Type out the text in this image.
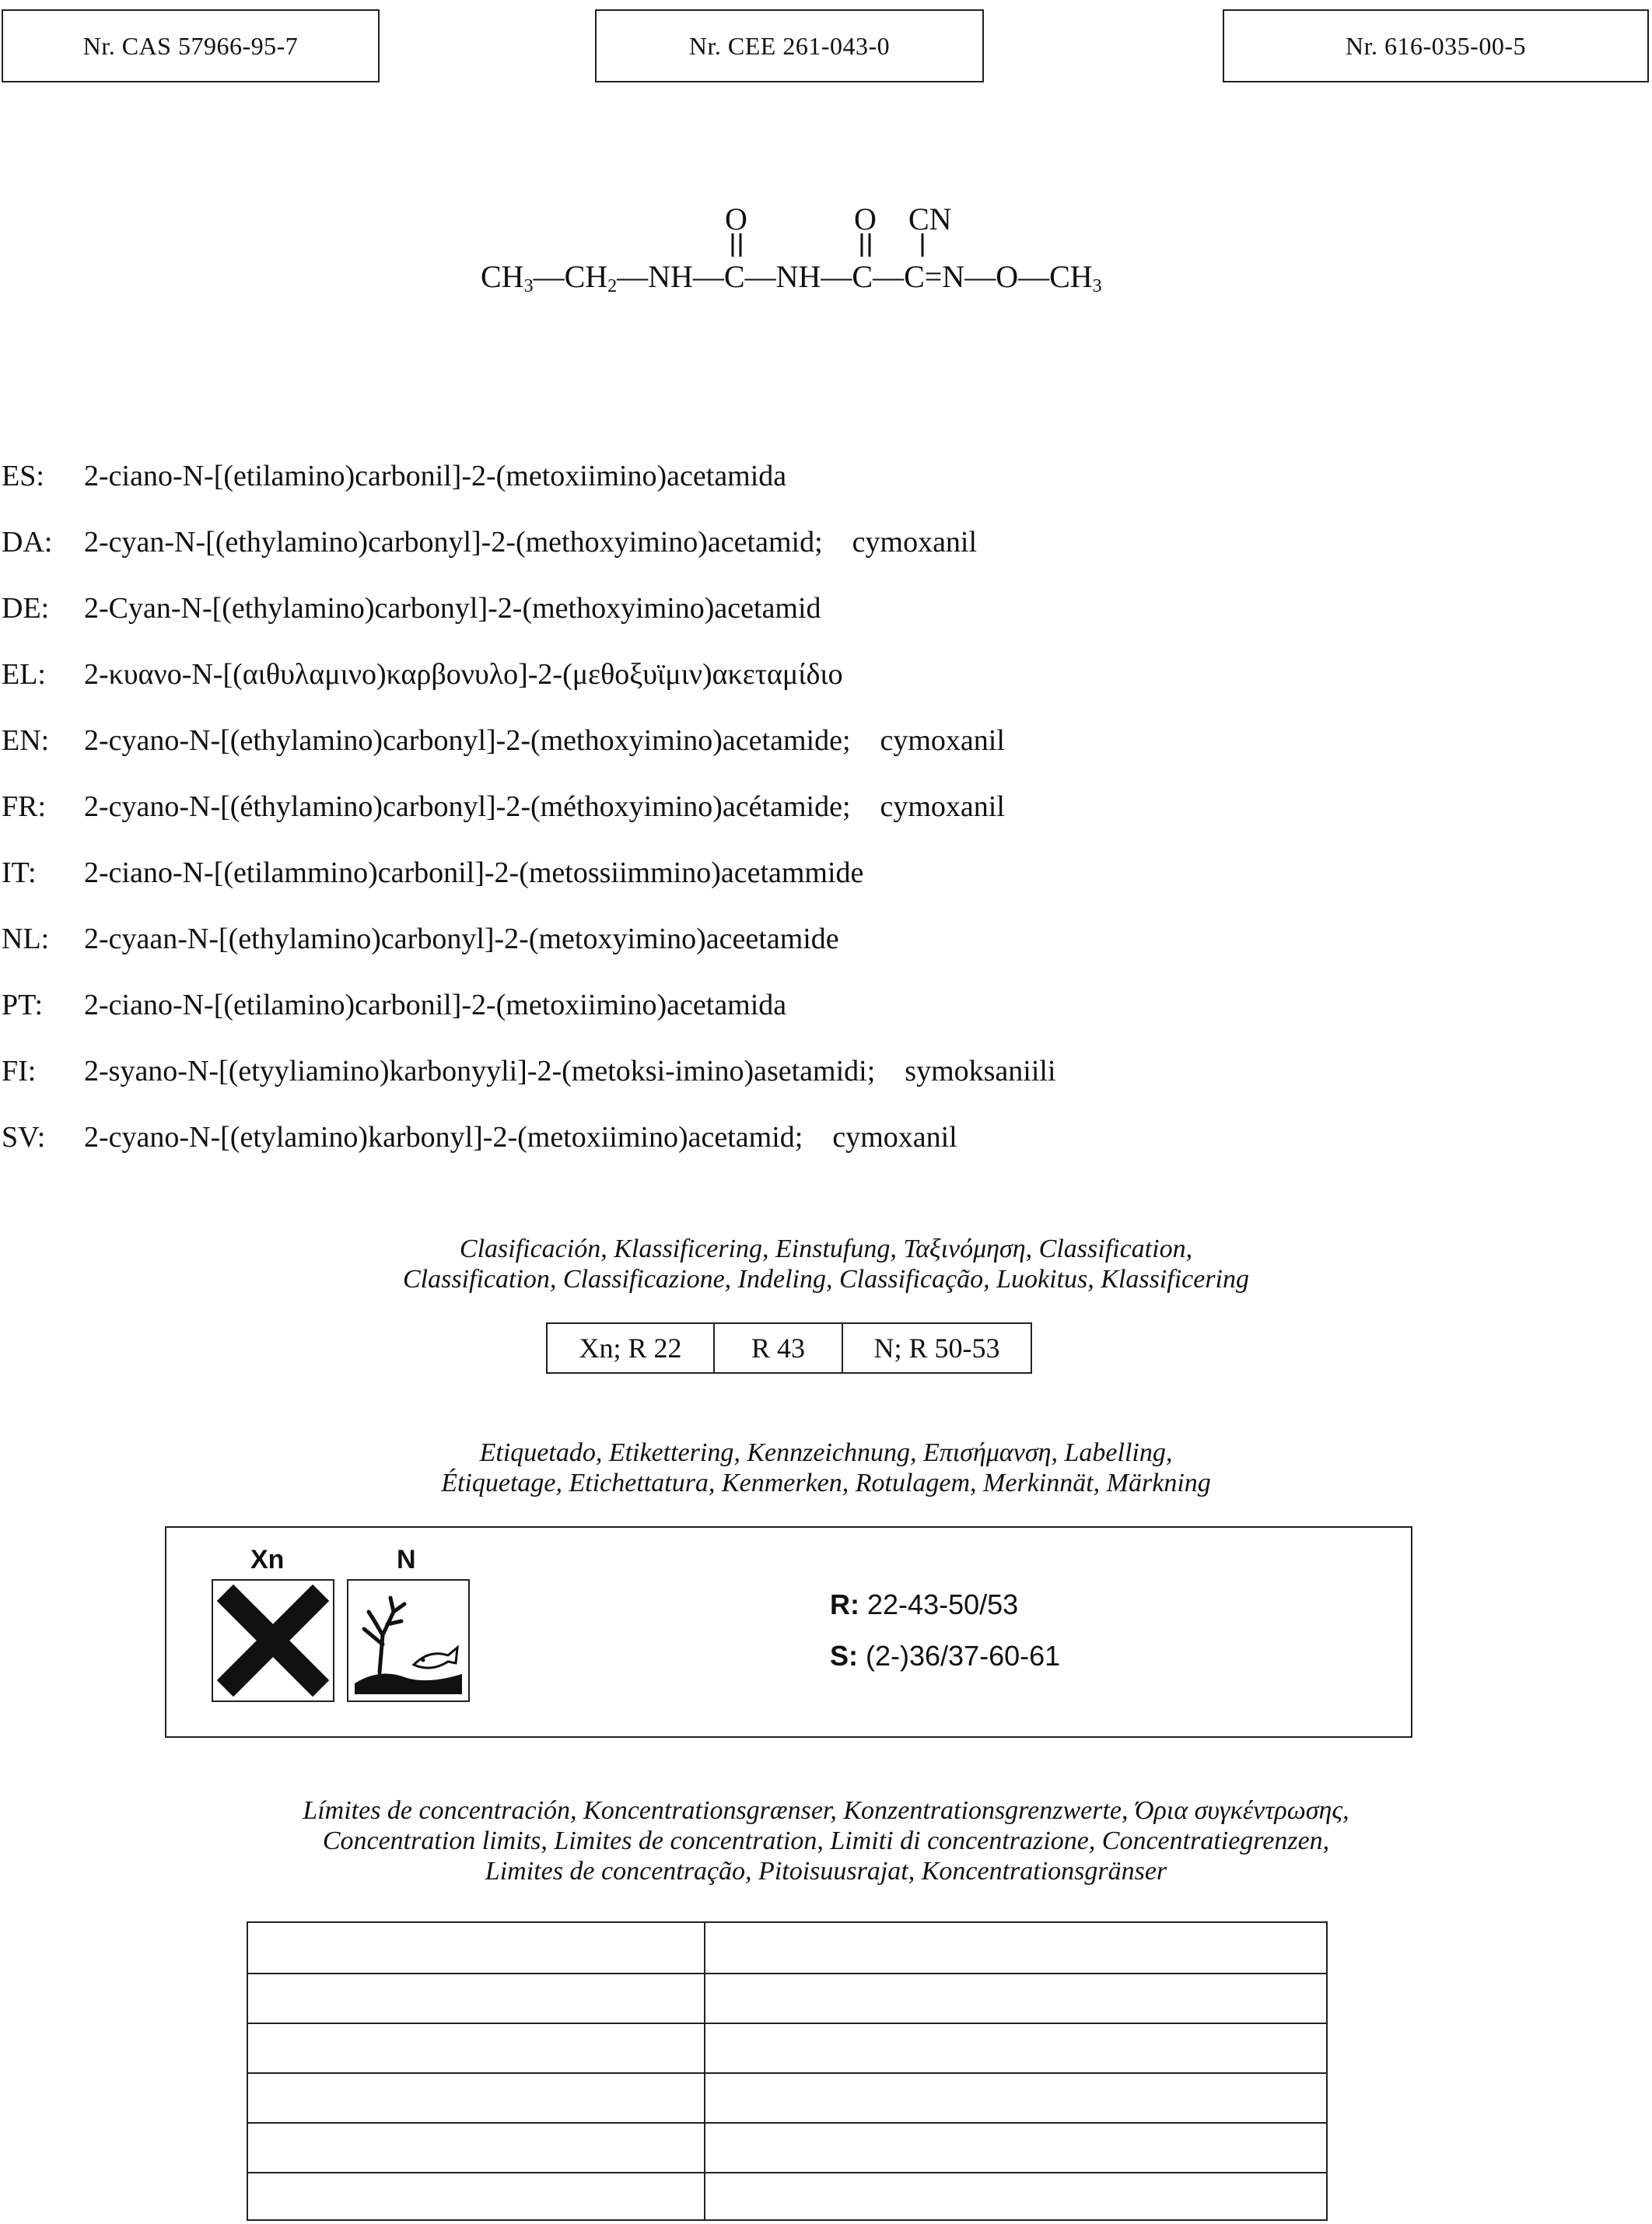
Nr. CAS 57966-95-7	Nr. CEE 261-043-0	Nr. 616-035-00-5
O	O CN
$CH_3—CH_2—NH—C—NH—C—C=N—O—CH_3$
ES: 2-ciano-N-[(etilamino)carbonil]-2-(metoxiimino)acetamida
DA: 2-cyan-N-[(ethylamino)carbonyl]-2-(methoxyimino)acetamid; cymoxanil
DE: 2-Cyan-N-[(ethylamino)carbonyl]-2-(methoxyimino)acetamid
EL: 2-κυανο-N-[(αιθυλαμινο)καρβονυλο]-2-(μεθοξυϊμιν)ακεταμίδιο
EN: 2-cyano-N-[(ethylamino)carbonyl]-2-(methoxyimino)acetamide; cymoxanil
FR: 2-cyano-N-[(éthylamino)carbonyl]-2-(méthoxyimino)acétamide; cymoxanil
IT: 2-ciano-N-[(etilammino)carbonil]-2-(metossiimmino)acetammide
NL: 2-cyaan-N-[(ethylamino)carbonyl]-2-(metoxyimino)aceetamide
PT: 2-ciano-N-[(etilamino)carbonil]-2-(metoxiimino)acetamida
FI: 2-syano-N-[(etyyliamino)karbonyyli]-2-(metoksi-imino)asetamidi; symoksaniili
SV: 2-cyano-N-[(etylamino)karbonyl]-2-(metoxiimino)acetamid; cymoxanil
Clasificación, Klassificering, Einstufung, Ταξινόμηση, Classification,
Classification, Classificazione, Indeling, Classificação, Luokitus, Klassificering
Xn; R 22	R 43	N; R 50-53
Etiquetado, Etikettering, Kennzeichnung, Επισήμανση, Labelling,
Étiquetage, Etichettatura, Kenmerken, Rotulagem, Merkinnät, Märkning
Xn	N
R: 22-43-50/53
S: (2-)36/37-60-61
Límites de concentración, Koncentrationsgrænser, Konzentrationsgrenzwerte, Όρια συγκέντρωσης,
Concentration limits, Limites de concentration, Limiti di concentrazione, Concentratiegrenzen,
Limites de concentração, Pitoisuusrajat, Koncentrationsgränser
